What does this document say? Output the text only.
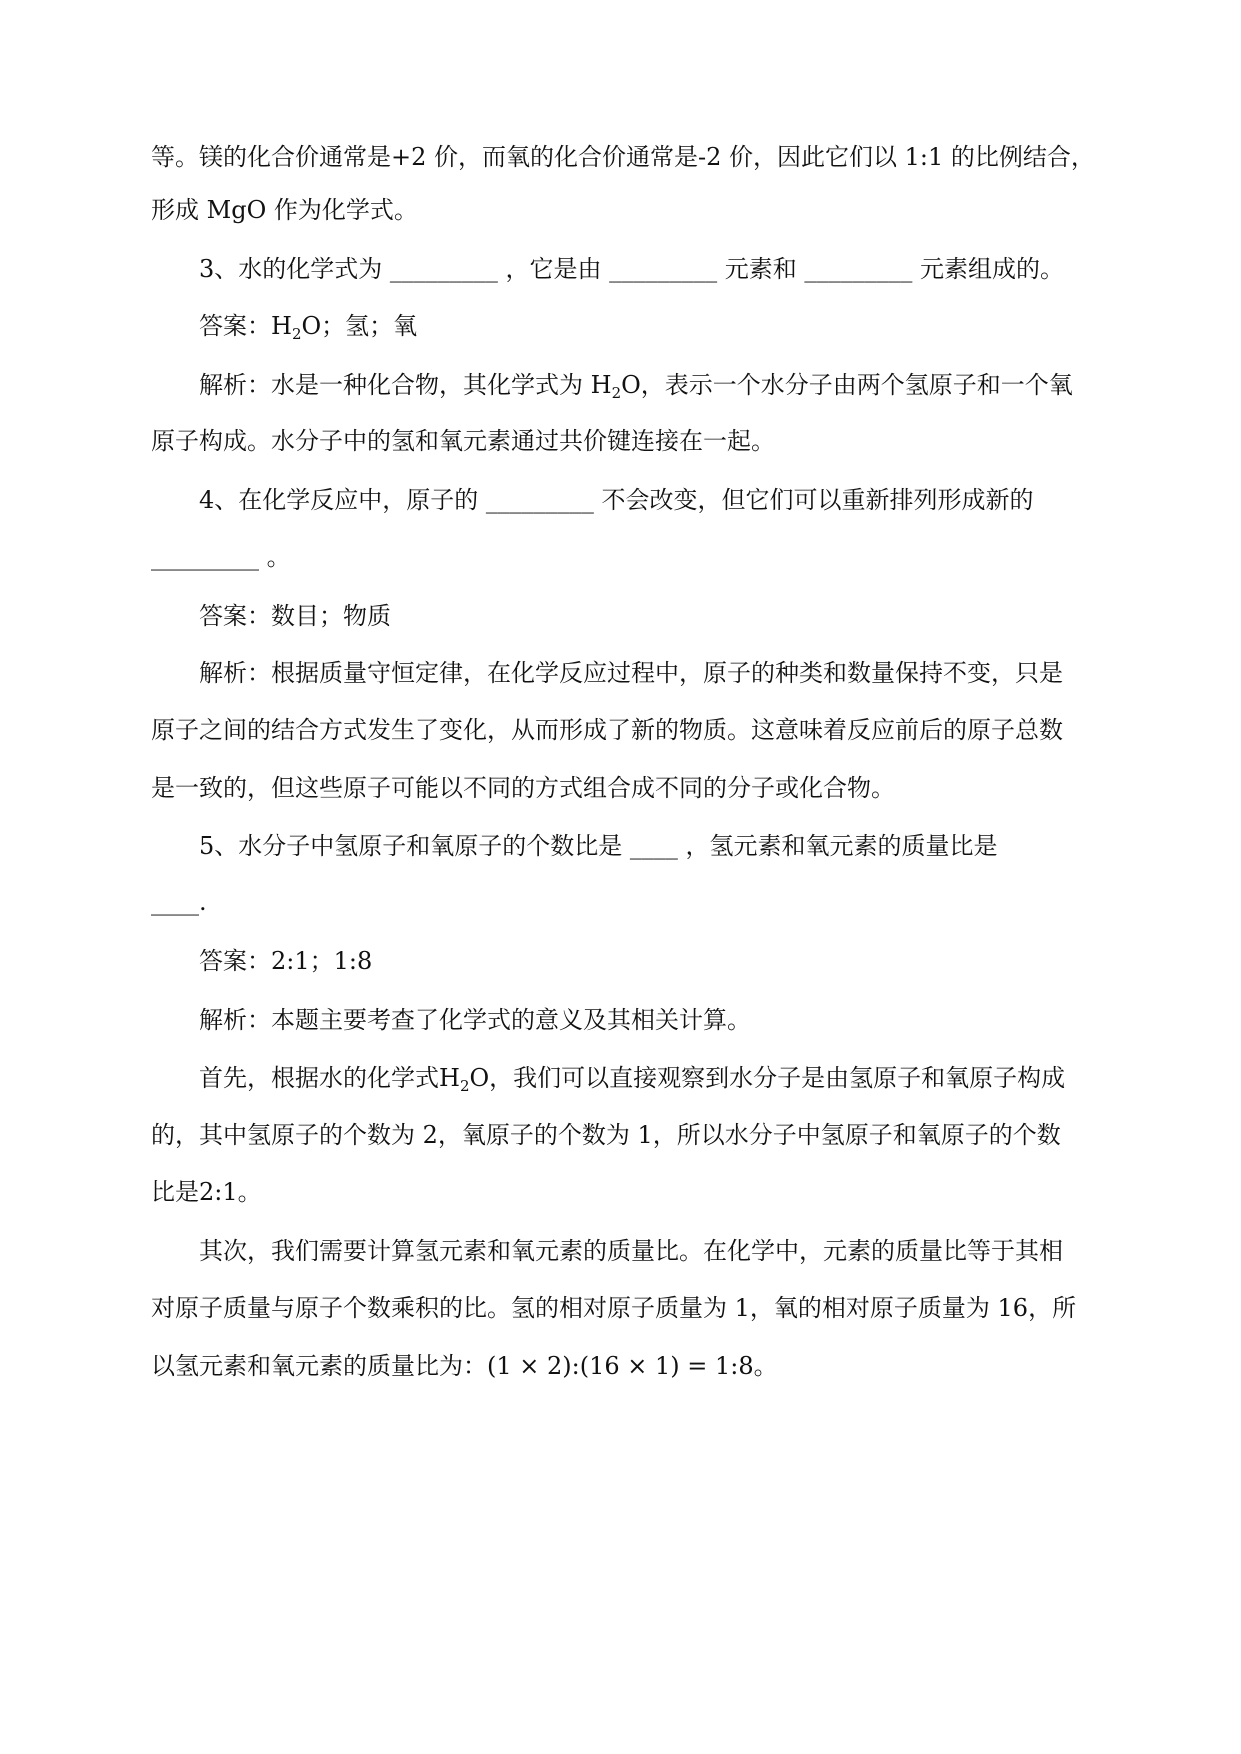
等。镁的化合价通常是+2 价，而氧的化合价通常是-2 价，因此它们以 1:1 的比例结合，
形成 MgO 作为化学式。
3、水的化学式为 _________ ，它是由 _________ 元素和 _________ 元素组成的。
答案：$H_2O$；氢；氧
解析：水是一种化合物，其化学式为 $H_2O$，表示一个水分子由两个氢原子和一个氧
原子构成。水分子中的氢和氧元素通过共价键连接在一起。
4、在化学反应中，原子的 _________ 不会改变，但它们可以重新排列形成新的
_________ 。
答案：数目；物质
解析：根据质量守恒定律，在化学反应过程中，原子的种类和数量保持不变，只是
原子之间的结合方式发生了变化，从而形成了新的物质。这意味着反应前后的原子总数
是一致的，但这些原子可能以不同的方式组合成不同的分子或化合物。
5、水分子中氢原子和氧原子的个数比是 ____ ，氢元素和氧元素的质量比是
____.
答案：2:1；1:8
解析：本题主要考查了化学式的意义及其相关计算。
首先，根据水的化学式$H_2O$，我们可以直接观察到水分子是由氢原子和氧原子构成
的，其中氢原子的个数为 2，氧原子的个数为 1，所以水分子中氢原子和氧原子的个数
比是2:1。
其次，我们需要计算氢元素和氧元素的质量比。在化学中，元素的质量比等于其相
对原子质量与原子个数乘积的比。氢的相对原子质量为 1，氧的相对原子质量为 16，所
以氢元素和氧元素的质量比为：(1 × 2):(16 × 1) = 1:8。
